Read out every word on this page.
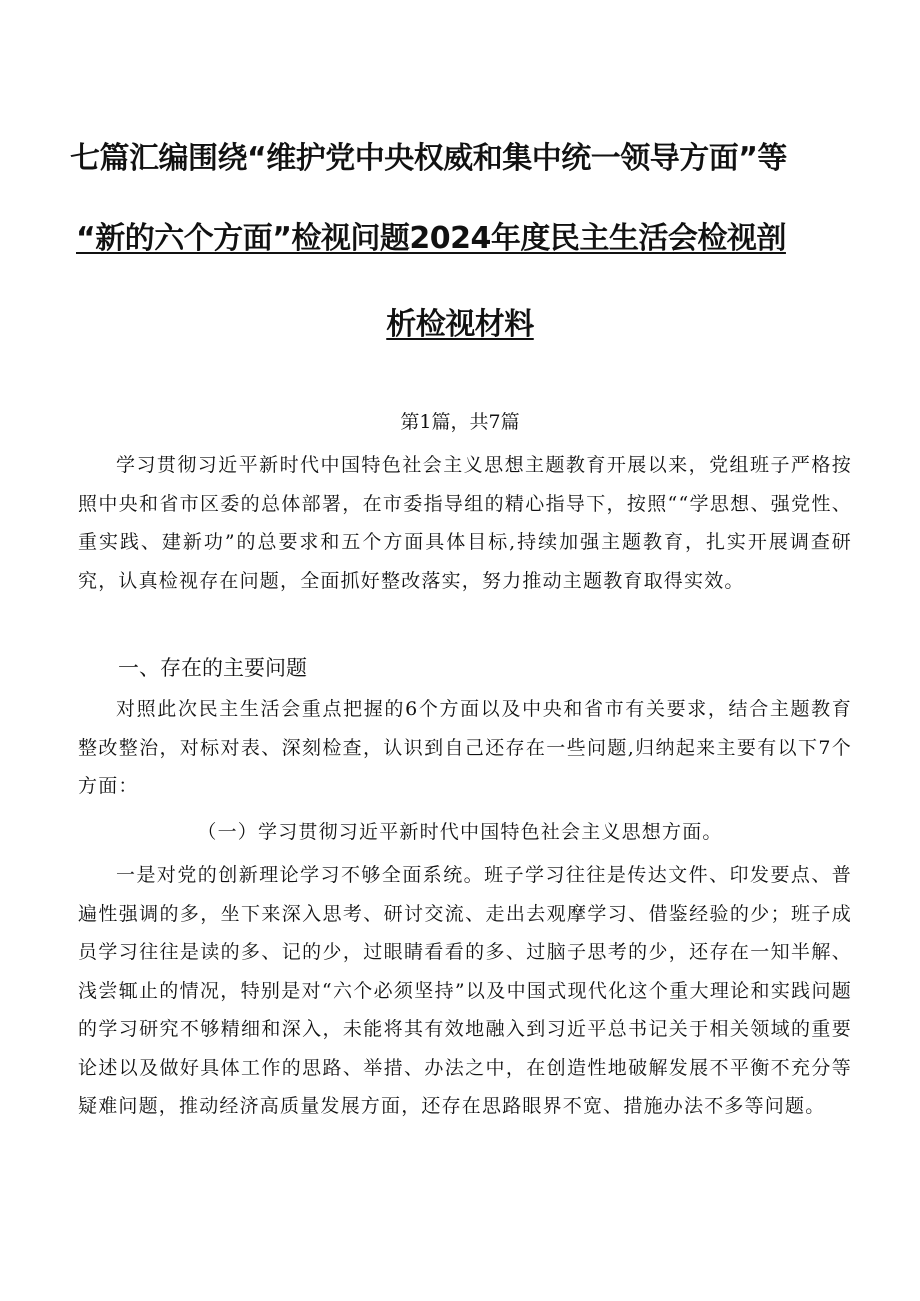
七篇汇编围绕“维护党中央权威和集中统一领导方面”等
“新的六个方面”检视问题2024年度民主生活会检视剖
析检视材料
第1篇，共7篇

学习贯彻习近平新时代中国特色社会主义思想主题教育开展以来，党组班子严格按照中央和省市区委的总体部署，在市委指导组的精心指导下，按照““学思想、强党性、重实践、建新功”的总要求和五个方面具体目标,持续加强主题教育，扎实开展调查研究，认真检视存在问题，全面抓好整改落实，努力推动主题教育取得实效。

一、存在的主要问题

对照此次民主生活会重点把握的6个方面以及中央和省市有关要求，结合主题教育整改整治，对标对表、深刻检查，认识到自己还存在一些问题,归纳起来主要有以下7个方面：

（一）学习贯彻习近平新时代中国特色社会主义思想方面。

一是对党的创新理论学习不够全面系统。班子学习往往是传达文件、印发要点、普遍性强调的多，坐下来深入思考、研讨交流、走出去观摩学习、借鉴经验的少；班子成员学习往往是读的多、记的少，过眼睛看看的多、过脑子思考的少，还存在一知半解、浅尝辄止的情况，特别是对“六个必须坚持”以及中国式现代化这个重大理论和实践问题的学习研究不够精细和深入，未能将其有效地融入到习近平总书记关于相关领域的重要论述以及做好具体工作的思路、举措、办法之中，在创造性地破解发展不平衡不充分等疑难问题，推动经济高质量发展方面，还存在思路眼界不宽、措施办法不多等问题。
